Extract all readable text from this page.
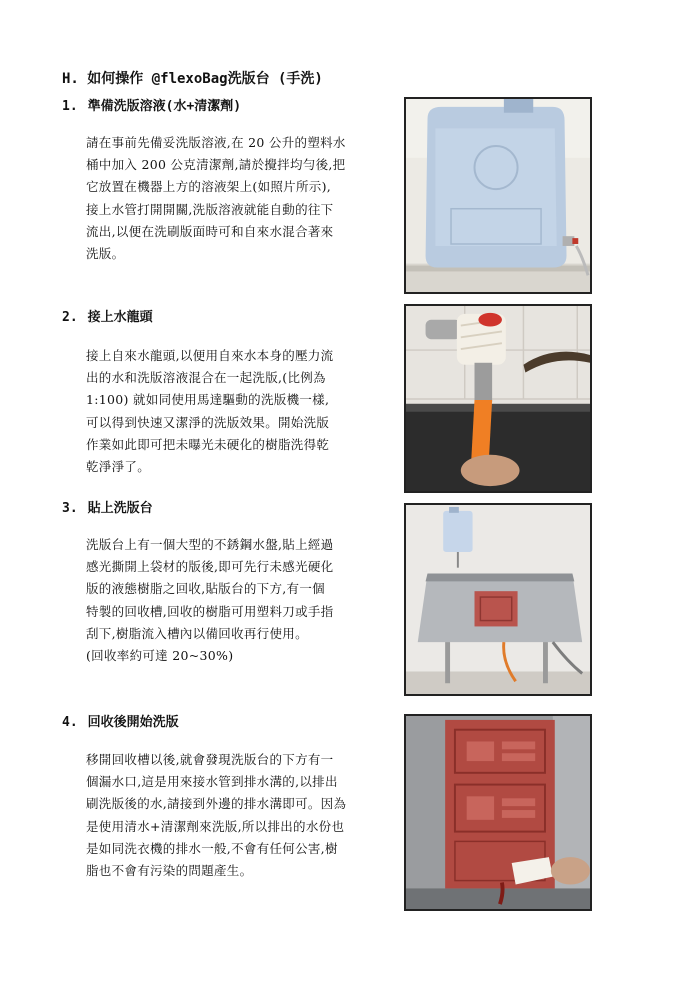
H. 如何操作 @flexoBag洗版台 (手洗)
1. 準備洗版溶液(水+清潔劑)

請在事前先備妥洗版溶液,在 20 公升的塑料水

桶中加入 200 公克清潔劑,請於攪拌均勻後,把

它放置在機器上方的溶液架上(如照片所示),

接上水管打開開關,洗版溶液就能自動的往下

流出,以便在洗刷版面時可和自來水混合著來

洗版。

2. 接上水龍頭

接上自來水龍頭,以便用自來水本身的壓力流

出的水和洗版溶液混合在一起洗版,(比例為

1:100) 就如同使用馬達驅動的洗版機一樣,

可以得到快速又潔淨的洗版效果。開始洗版

作業如此即可把未曝光未硬化的樹脂洗得乾

乾淨淨了。

3. 貼上洗版台

洗版台上有一個大型的不銹鋼水盤,貼上經過

感光撕開上袋材的版後,即可先行未感光硬化

版的液態樹脂之回收,貼版台的下方,有一個

特製的回收槽,回收的樹脂可用塑料刀或手指

刮下,樹脂流入槽內以備回收再行使用。

(回收率約可達 20~30%)

4. 回收後開始洗版

移開回收槽以後,就會發現洗版台的下方有一

個漏水口,這是用來接水管到排水溝的,以排出

刷洗版後的水,請接到外邊的排水溝即可。因為

是使用清水+清潔劑來洗版,所以排出的水份也

是如同洗衣機的排水一般,不會有任何公害,樹

脂也不會有污染的問題產生。
